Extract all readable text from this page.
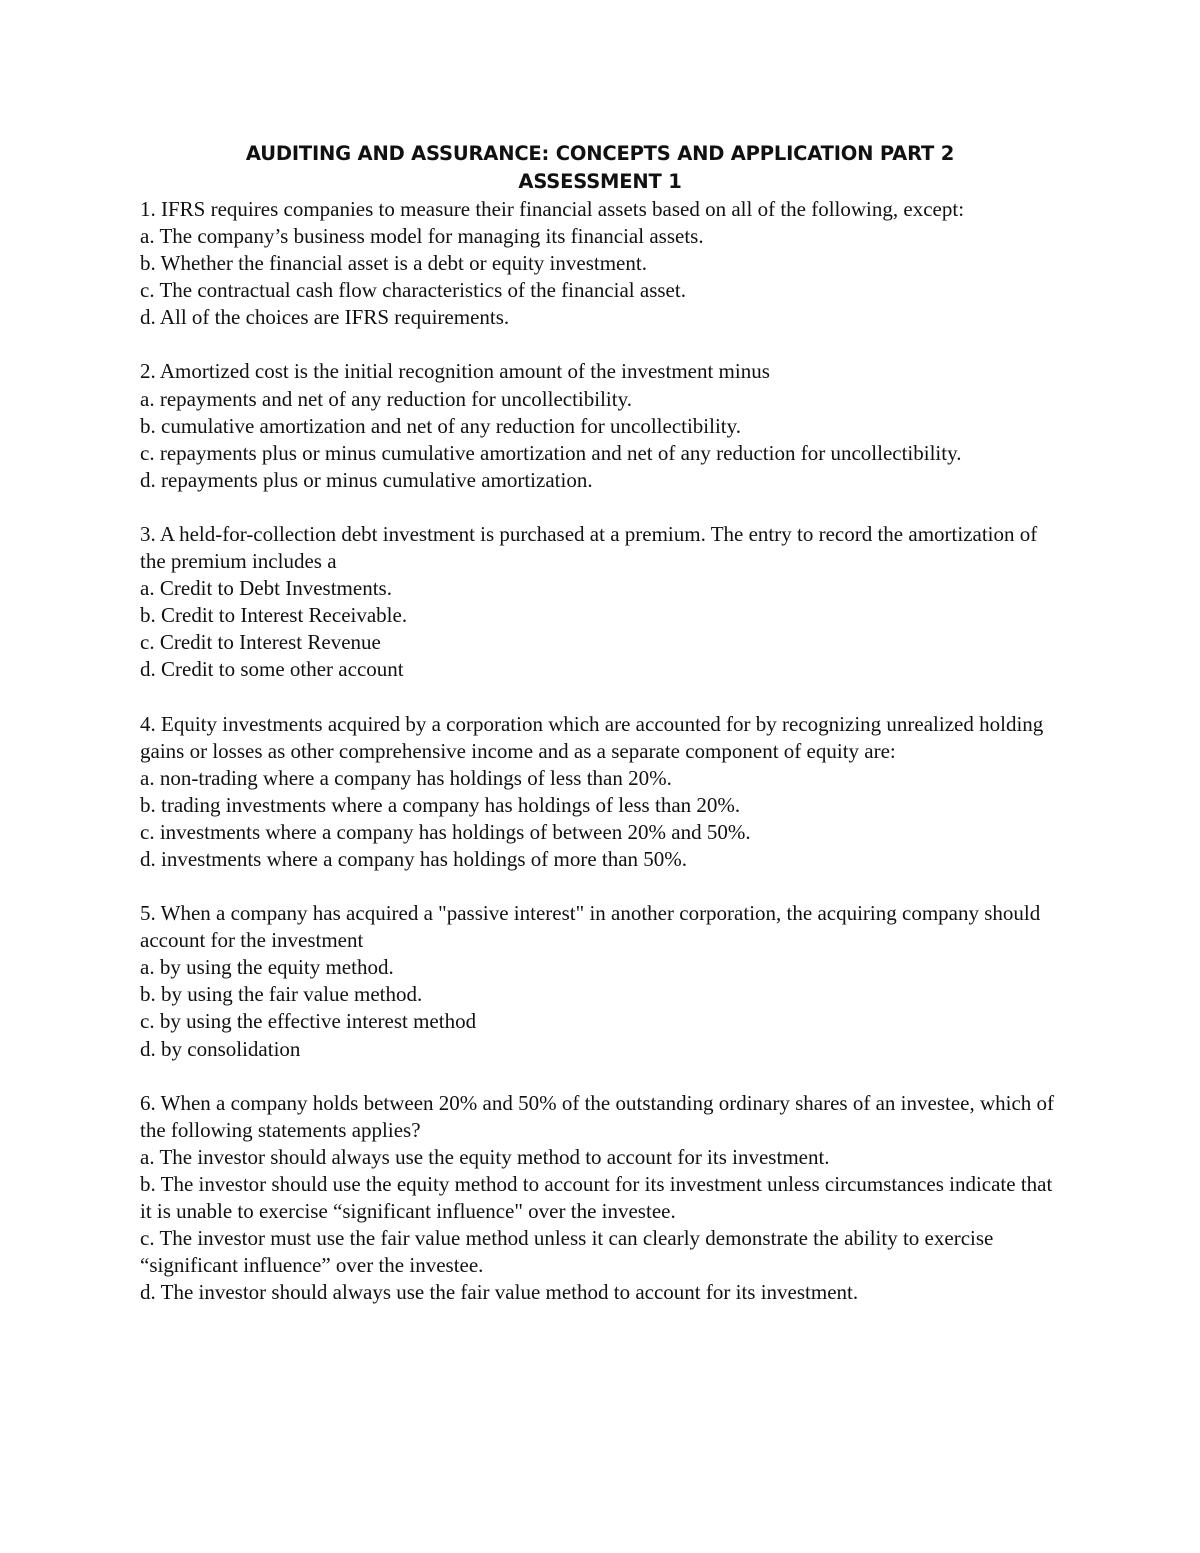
AUDITING AND ASSURANCE: CONCEPTS AND APPLICATION PART 2
ASSESSMENT 1

1. IFRS requires companies to measure their financial assets based on all of the following, except:

a. The company’s business model for managing its financial assets.

b. Whether the financial asset is a debt or equity investment.

c. The contractual cash flow characteristics of the financial asset.

d. All of the choices are IFRS requirements.

2. Amortized cost is the initial recognition amount of the investment minus

a. repayments and net of any reduction for uncollectibility.

b. cumulative amortization and net of any reduction for uncollectibility.

c. repayments plus or minus cumulative amortization and net of any reduction for uncollectibility.

d. repayments plus or minus cumulative amortization.

3. A held-for-collection debt investment is purchased at a premium. The entry to record the amortization of the premium includes a

a. Credit to Debt Investments.

b. Credit to Interest Receivable.

c. Credit to Interest Revenue

d. Credit to some other account

4. Equity investments acquired by a corporation which are accounted for by recognizing unrealized holding gains or losses as other comprehensive income and as a separate component of equity are:

a. non-trading where a company has holdings of less than 20%.

b. trading investments where a company has holdings of less than 20%.

c. investments where a company has holdings of between 20% and 50%.

d. investments where a company has holdings of more than 50%.

5. When a company has acquired a "passive interest" in another corporation, the acquiring company should account for the investment

a. by using the equity method.

b. by using the fair value method.

c. by using the effective interest method

d. by consolidation

6. When a company holds between 20% and 50% of the outstanding ordinary shares of an investee, which of the following statements applies?

a. The investor should always use the equity method to account for its investment.

b. The investor should use the equity method to account for its investment unless circumstances indicate that it is unable to exercise “significant influence" over the investee.

c. The investor must use the fair value method unless it can clearly demonstrate the ability to exercise “significant influence” over the investee.

d. The investor should always use the fair value method to account for its investment.
